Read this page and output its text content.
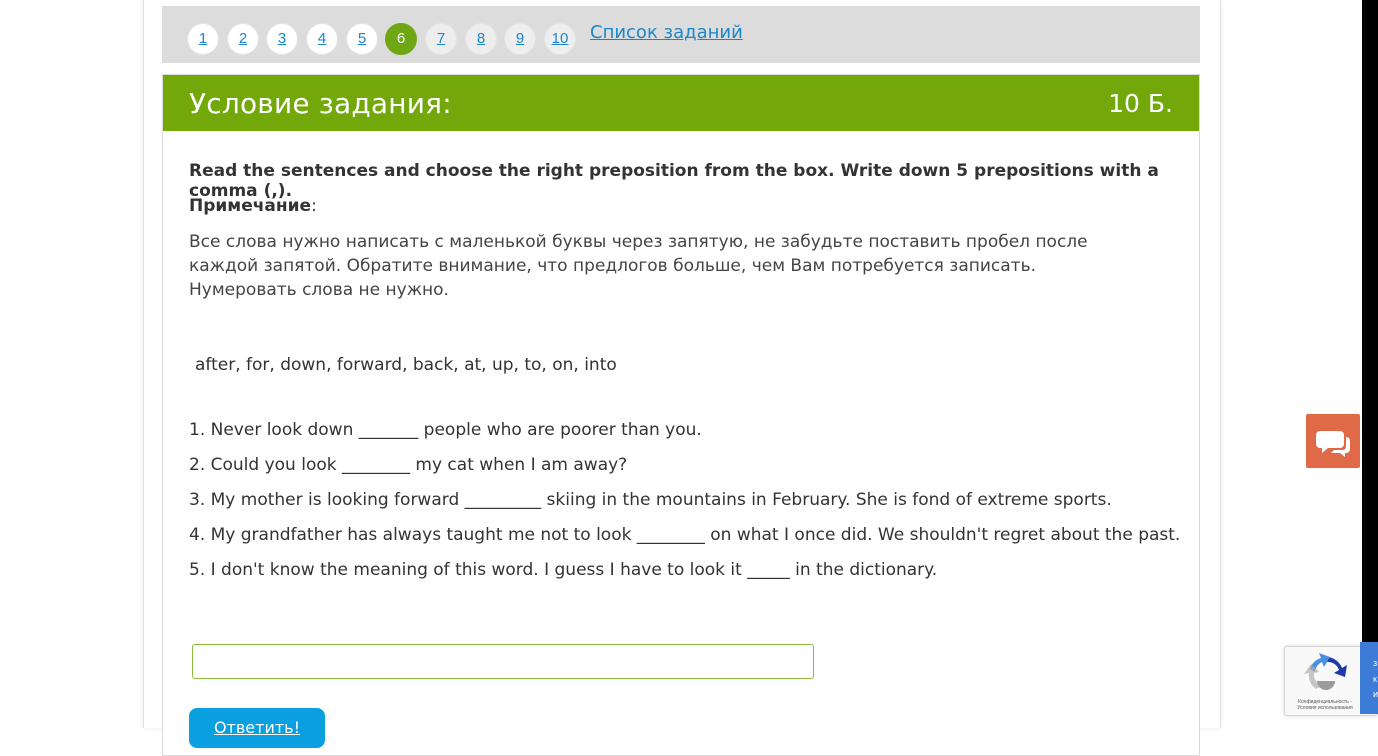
1	2	3	4	5	6	7	8	9	10	Список заданий
Условие задания:	10 Б.
Read the sentences and choose the right preposition from the box. Write down 5 prepositions with a comma (,).
Примечание:
Все слова нужно написать с маленькой буквы через запятую, не забудьте поставить пробел после каждой запятой. Обратите внимание, что предлогов больше, чем Вам потребуется записать. Нумеровать слова не нужно.
after, for, down, forward, back, at, up, to, on, into
1. Never look down _______ people who are poorer than you.
2. Could you look ________ my cat when I am away?
3. My mother is looking forward _________ skiing in the mountains in February. She is fond of extreme sports.
4. My grandfather has always taught me not to look ________ on what I once did. We shouldn't regret about the past.
5. I don't know the meaning of this word. I guess I have to look it _____ in the dictionary.
Ответить!
Конфиденциальность - Условия использования
з
к
и
